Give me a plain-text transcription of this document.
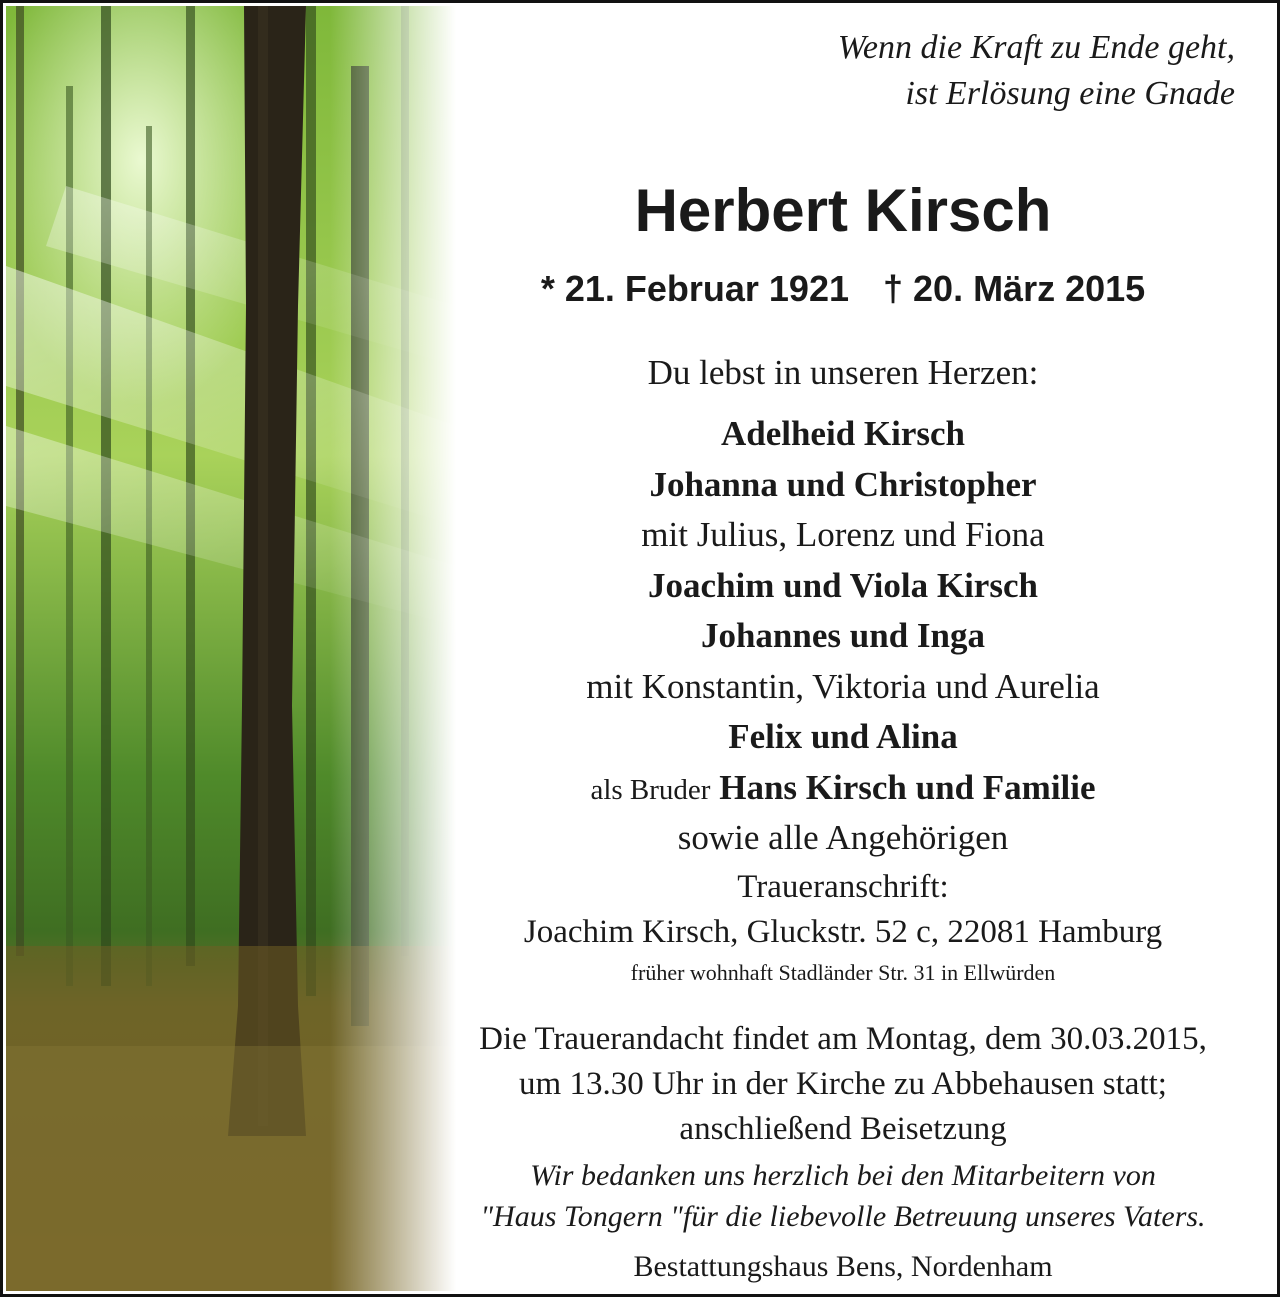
Wenn die Kraft zu Ende geht,
ist Erlösung eine Gnade
Herbert Kirsch
* 21. Februar 1921 † 20. März 2015
Du lebst in unseren Herzen:
Adelheid Kirsch
Johanna und Christopher
mit Julius, Lorenz und Fiona
Joachim und Viola Kirsch
Johannes und Inga
mit Konstantin, Viktoria und Aurelia
Felix und Alina
als Bruder Hans Kirsch und Familie
sowie alle Angehörigen
Traueranschrift:
Joachim Kirsch, Gluckstr. 52 c, 22081 Hamburg
früher wohnhaft Stadländer Str. 31 in Ellwürden
Die Trauerandacht findet am Montag, dem 30.03.2015,
um 13.30 Uhr in der Kirche zu Abbehausen statt;
anschließend Beisetzung
Wir bedanken uns herzlich bei den Mitarbeitern von
"Haus Tongern "für die liebevolle Betreuung unseres Vaters.
Bestattungshaus Bens, Nordenham
